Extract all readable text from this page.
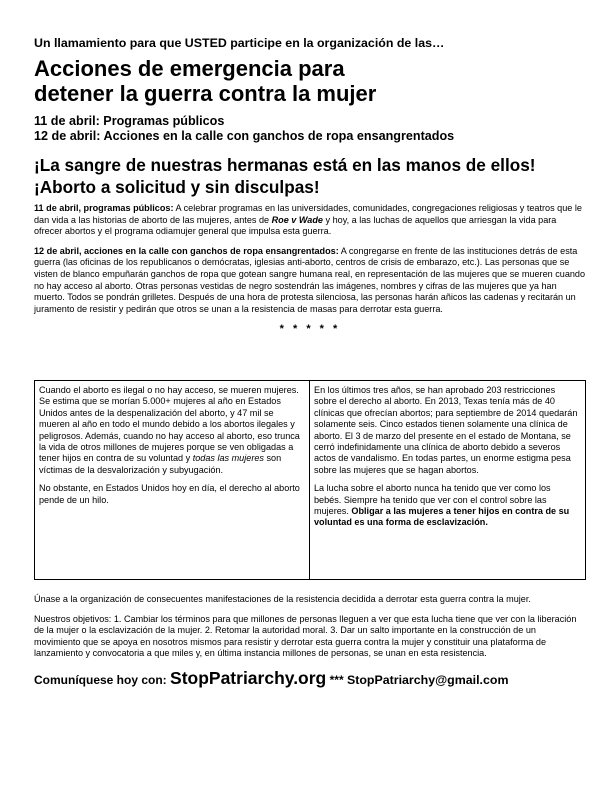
Un llamamiento para que USTED participe en la organización de las…

Acciones de emergencia para
detener la guerra contra la mujer
11 de abril: Programas públicos
12 de abril: Acciones en la calle con ganchos de ropa ensangrentados
¡La sangre de nuestras hermanas está en las manos de ellos!
¡Aborto a solicitud y sin disculpas!

11 de abril, programas públicos: A celebrar programas en las universidades, comunidades, congregaciones religiosas y teatros que le dan vida a las historias de aborto de las mujeres, antes de Roe v Wade y hoy, a las luchas de aquellos que arriesgan la vida para ofrecer abortos y el programa odiamujer general que impulsa esta guerra.

12 de abril, acciones en la calle con ganchos de ropa ensangrentados: A congregarse en frente de las instituciones detrás de esta guerra (las oficinas de los republicanos o demócratas, iglesias anti-aborto, centros de crisis de embarazo, etc.). Las personas que se visten de blanco empuñarán ganchos de ropa que gotean sangre humana real, en representación de las mujeres que se mueren cuando no hay acceso al aborto. Otras personas vestidas de negro sostendrán las imágenes, nombres y cifras de las mujeres que ya han muerto. Todos se pondrán grilletes. Después de una hora de protesta silenciosa, las personas harán añicos las cadenas y recitarán un juramento de resistir y pedirán que otros se unan a la resistencia de masas para derrotar esta guerra.

* * * * *

Cuando el aborto es ilegal o no hay acceso, se mueren mujeres. Se estima que se morían 5.000+ mujeres al año en Estados Unidos antes de la despenalización del aborto, y 47 mil se mueren al año en todo el mundo debido a los abortos ilegales y peligrosos. Además, cuando no hay acceso al aborto, eso trunca la vida de otros millones de mujeres porque se ven obligadas a tener hijos en contra de su voluntad y todas las mujeres son víctimas de la desvalorización y subyugación.

No obstante, en Estados Unidos hoy en día, el derecho al aborto pende de un hilo.

En los últimos tres años, se han aprobado 203 restricciones sobre el derecho al aborto. En 2013, Texas tenía más de 40 clínicas que ofrecían abortos; para septiembre de 2014 quedarán solamente seis. Cinco estados tienen solamente una clínica de aborto. El 3 de marzo del presente en el estado de Montana, se cerró indefinidamente una clínica de aborto debido a severos actos de vandalismo. En todas partes, un enorme estigma pesa sobre las mujeres que se hagan abortos.

La lucha sobre el aborto nunca ha tenido que ver como los bebés. Siempre ha tenido que ver con el control sobre las mujeres. Obligar a las mujeres a tener hijos en contra de su voluntad es una forma de esclavización.

Únase a la organización de consecuentes manifestaciones de la resistencia decidida a derrotar esta guerra contra la mujer.

Nuestros objetivos: 1. Cambiar los términos para que millones de personas lleguen a ver que esta lucha tiene que ver con la liberación de la mujer o la esclavización de la mujer. 2. Retomar la autoridad moral. 3. Dar un salto importante en la construcción de un movimiento que se apoya en nosotros mismos para resistir y derrotar esta guerra contra la mujer y constituir una plataforma de lanzamiento y convocatoria a que miles y, en última instancia millones de personas, se unan en esta resistencia.

Comuníquese hoy con: StopPatriarchy.org *** StopPatriarchy@gmail.com
